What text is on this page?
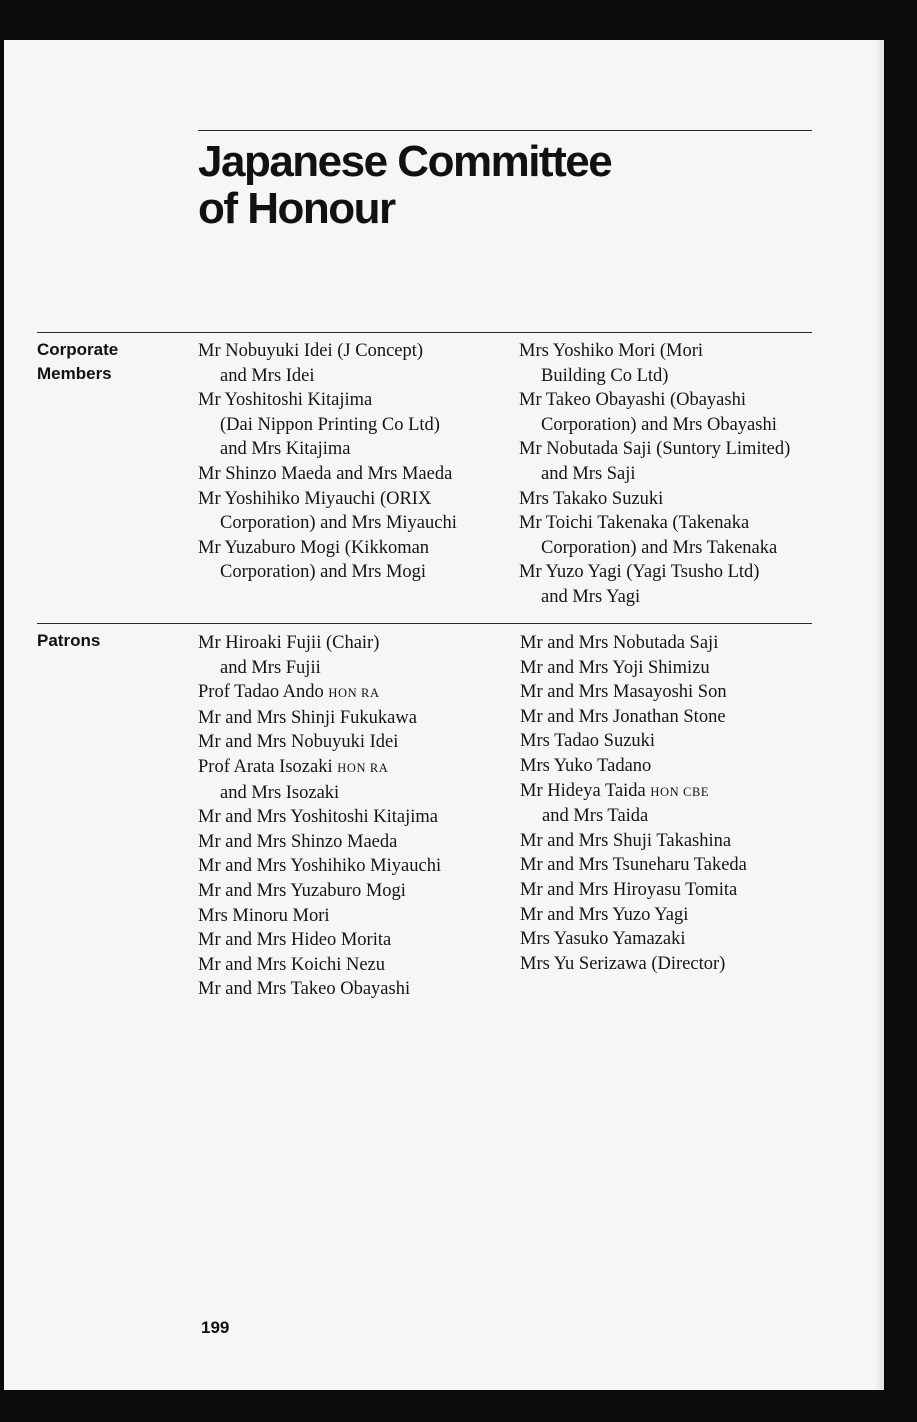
Japanese Committee
of Honour
Corporate
Members
Mr Nobuyuki Idei (J Concept)
and Mrs Idei
Mr Yoshitoshi Kitajima
(Dai Nippon Printing Co Ltd)
and Mrs Kitajima
Mr Shinzo Maeda and Mrs Maeda
Mr Yoshihiko Miyauchi (ORIX
Corporation) and Mrs Miyauchi
Mr Yuzaburo Mogi (Kikkoman
Corporation) and Mrs Mogi
Mrs Yoshiko Mori (Mori
Building Co Ltd)
Mr Takeo Obayashi (Obayashi
Corporation) and Mrs Obayashi
Mr Nobutada Saji (Suntory Limited)
and Mrs Saji
Mrs Takako Suzuki
Mr Toichi Takenaka (Takenaka
Corporation) and Mrs Takenaka
Mr Yuzo Yagi (Yagi Tsusho Ltd)
and Mrs Yagi
Patrons	Mr Hiroaki Fujii (Chair)
and Mrs Fujii
Prof Tadao Ando HON RA
Mr and Mrs Shinji Fukukawa
Mr and Mrs Nobuyuki Idei
Prof Arata Isozaki HON RA
and Mrs Isozaki
Mr and Mrs Yoshitoshi Kitajima
Mr and Mrs Shinzo Maeda
Mr and Mrs Yoshihiko Miyauchi
Mr and Mrs Yuzaburo Mogi
Mrs Minoru Mori
Mr and Mrs Hideo Morita
Mr and Mrs Koichi Nezu
Mr and Mrs Takeo Obayashi
Mr and Mrs Nobutada Saji
Mr and Mrs Yoji Shimizu
Mr and Mrs Masayoshi Son
Mr and Mrs Jonathan Stone
Mrs Tadao Suzuki
Mrs Yuko Tadano
Mr Hideya Taida HON CBE
and Mrs Taida
Mr and Mrs Shuji Takashina
Mr and Mrs Tsuneharu Takeda
Mr and Mrs Hiroyasu Tomita
Mr and Mrs Yuzo Yagi
Mrs Yasuko Yamazaki
Mrs Yu Serizawa (Director)
199
